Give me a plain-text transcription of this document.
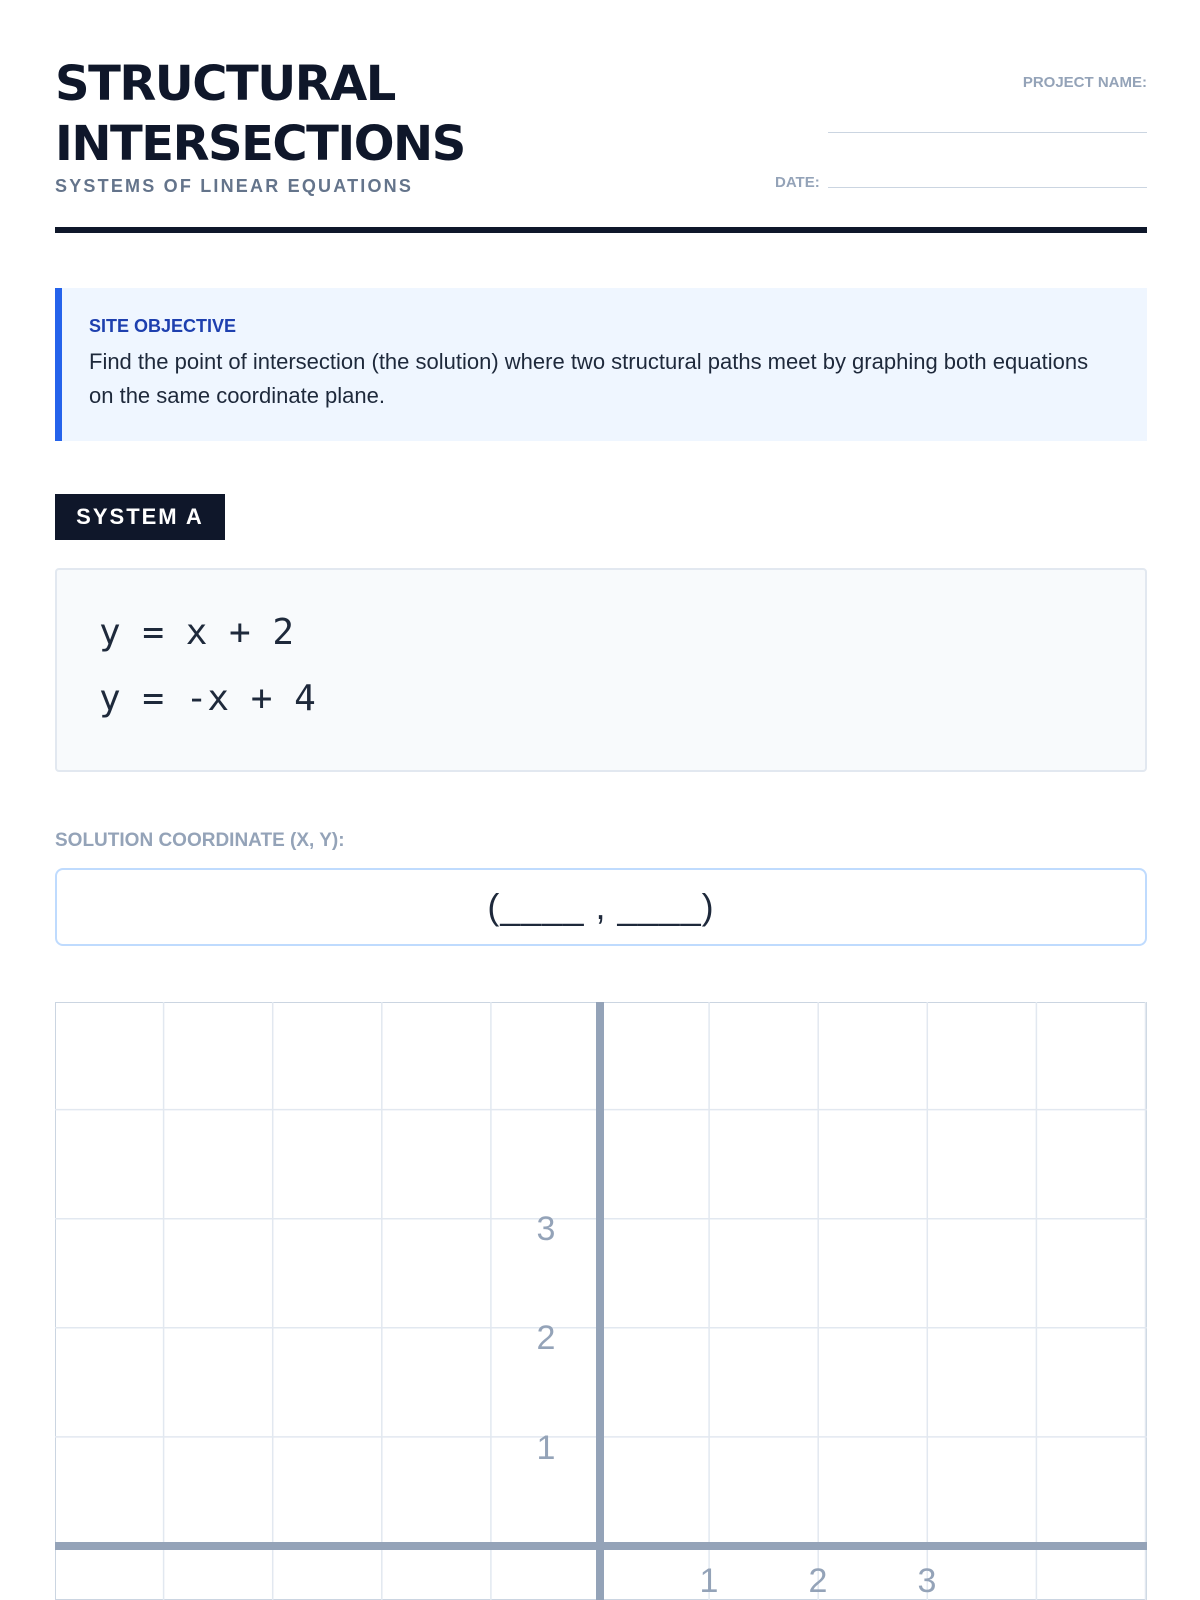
STRUCTURAL
INTERSECTIONS
SYSTEMS OF LINEAR EQUATIONS
PROJECT NAME:
DATE:
SITE OBJECTIVE
Find the point of intersection (the solution) where two structural paths meet by graphing both equations on the same coordinate plane.
SYSTEM A
y = x + 2
y = -x + 4
SOLUTION COORDINATE (X, Y):
(____ , ____)
3
2
1
1	2	3
